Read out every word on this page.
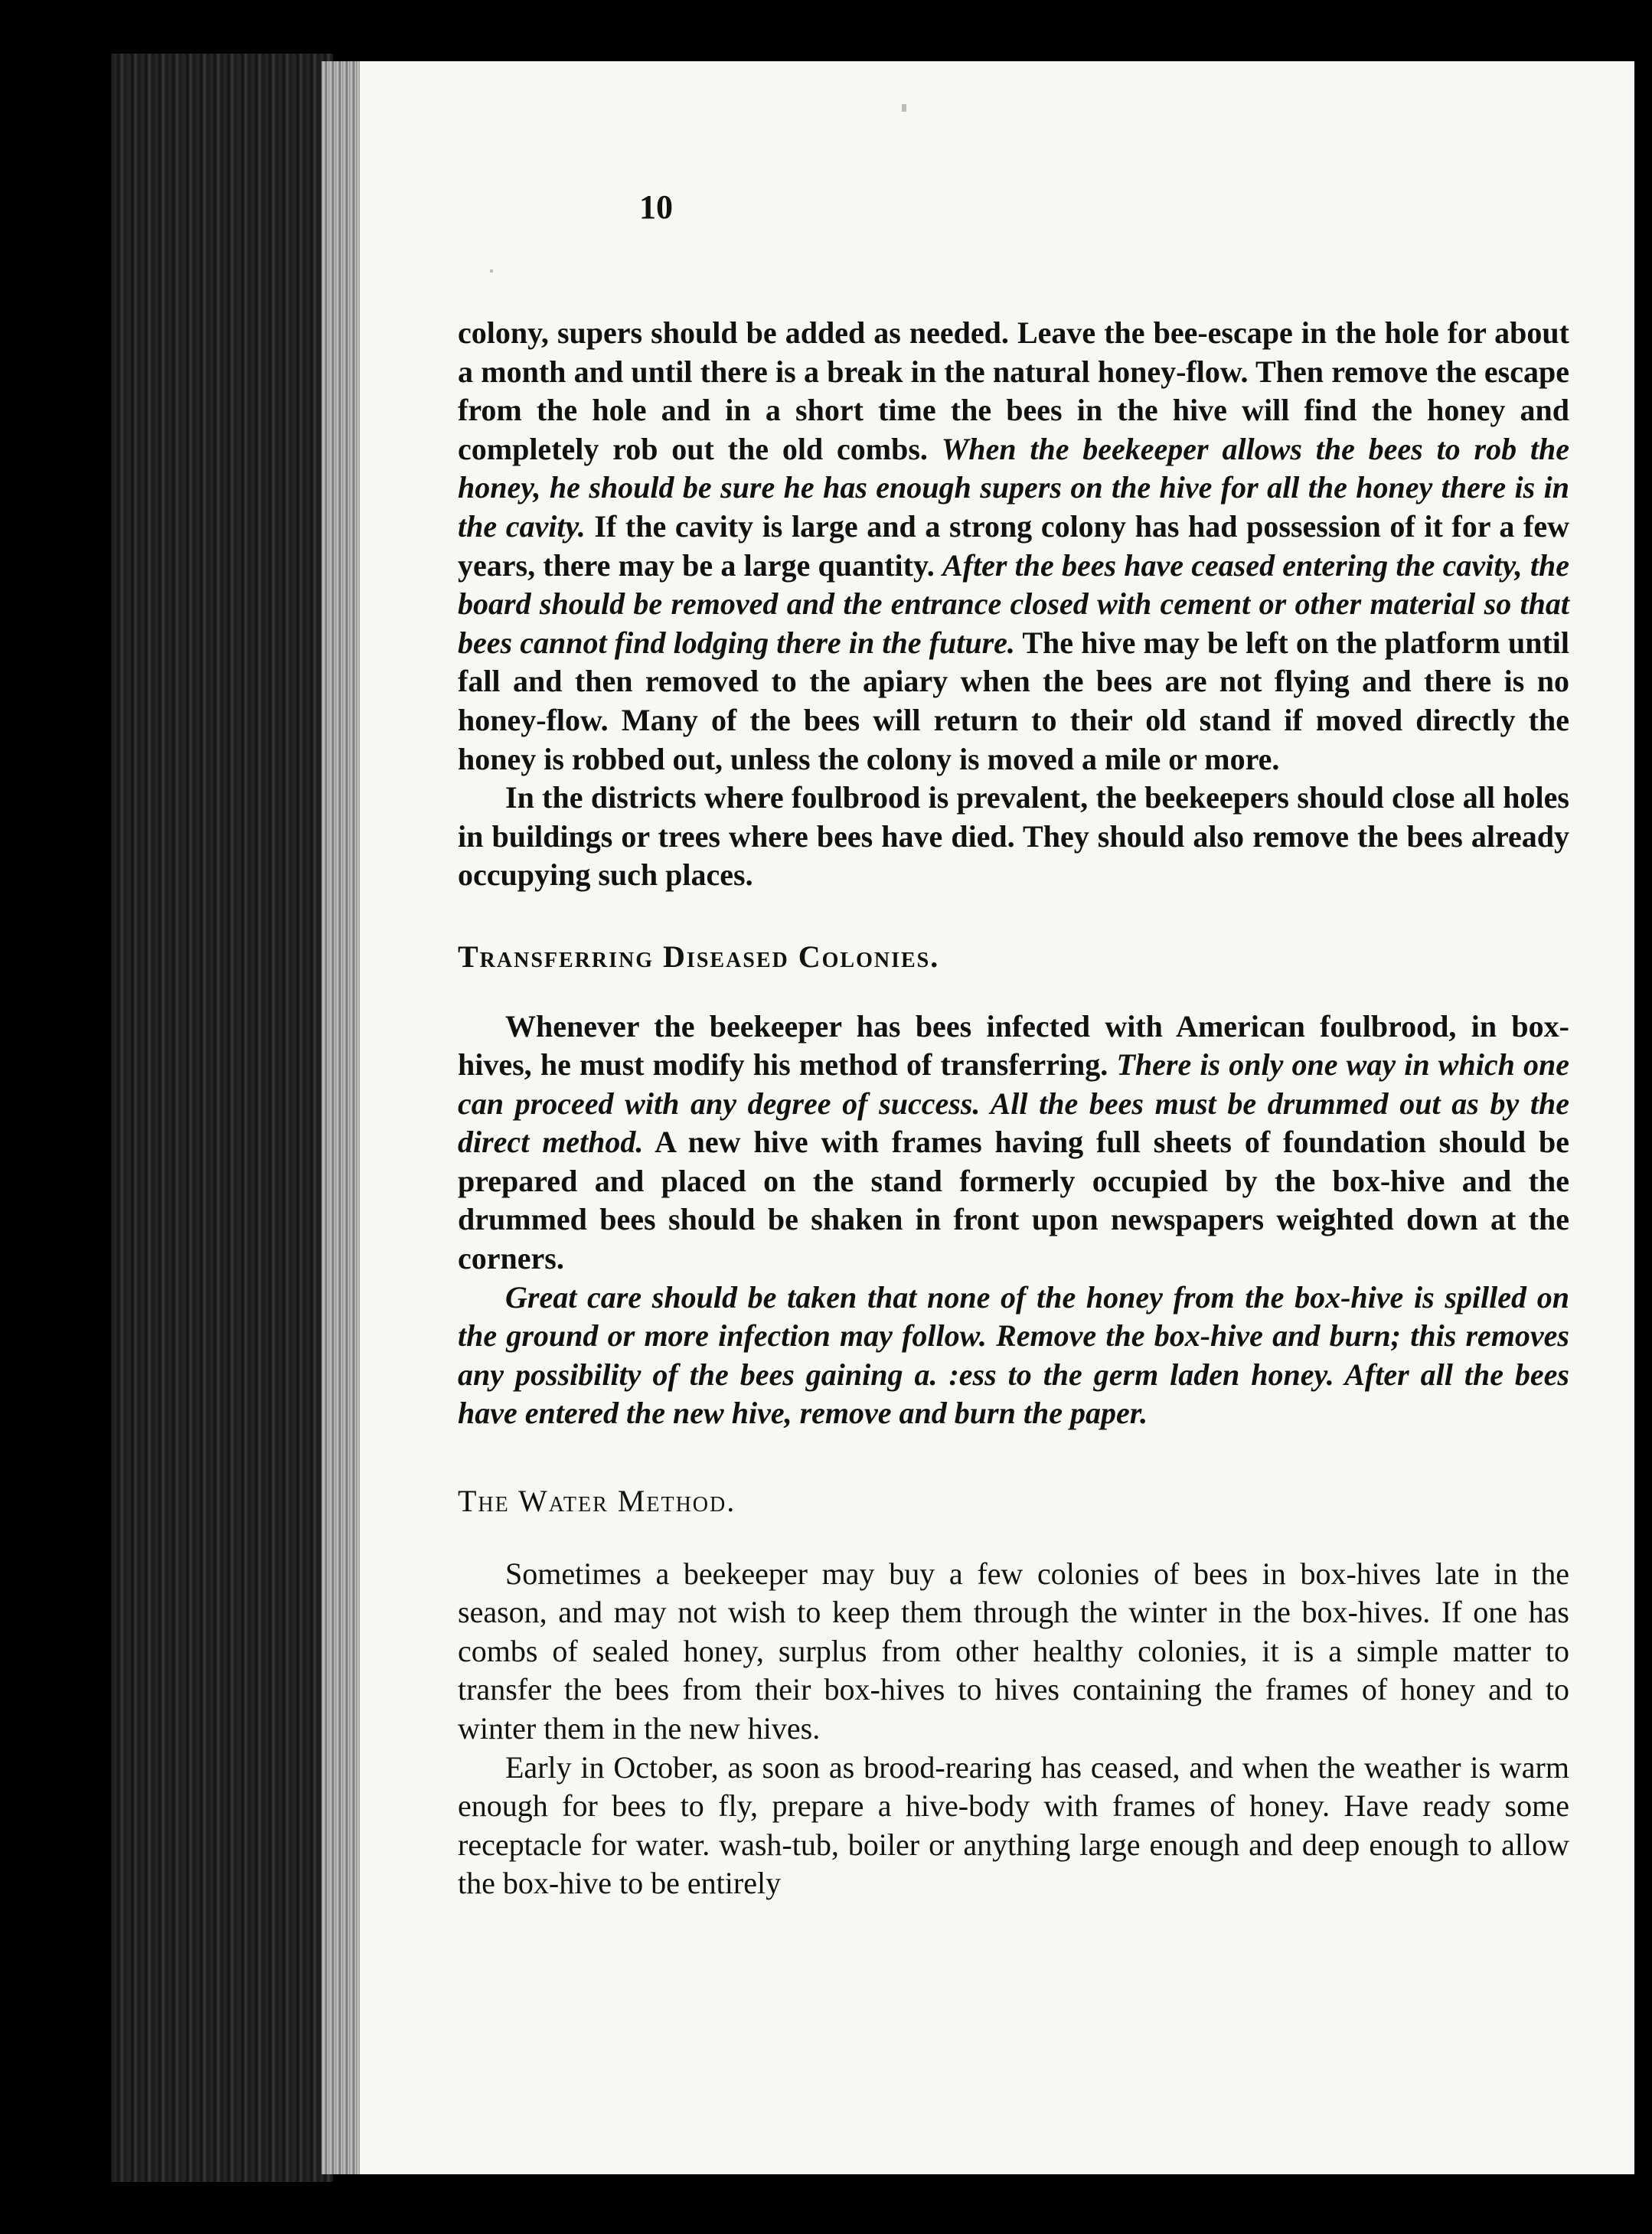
10

colony, supers should be added as needed. Leave the bee-escape in the hole for about a month and until there is a break in the natural honey-flow. Then remove the escape from the hole and in a short time the bees in the hive will find the honey and completely rob out the old combs. When the beekeeper allows the bees to rob the honey, he should be sure he has enough supers on the hive for all the honey there is in the cavity. If the cavity is large and a strong colony has had possession of it for a few years, there may be a large quantity. After the bees have ceased entering the cavity, the board should be removed and the entrance closed with cement or other material so that bees cannot find lodging there in the future. The hive may be left on the platform until fall and then removed to the apiary when the bees are not flying and there is no honey-flow. Many of the bees will return to their old stand if moved directly the honey is robbed out, unless the colony is moved a mile or more.

In the districts where foulbrood is prevalent, the beekeepers should close all holes in buildings or trees where bees have died. They should also remove the bees already occupying such places.

Transferring Diseased Colonies.

Whenever the beekeeper has bees infected with American foulbrood, in box-hives, he must modify his method of transferring. There is only one way in which one can proceed with any degree of success. All the bees must be drummed out as by the direct method. A new hive with frames having full sheets of foundation should be prepared and placed on the stand formerly occupied by the box-hive and the drummed bees should be shaken in front upon newspapers weighted down at the corners.

Great care should be taken that none of the honey from the box-hive is spilled on the ground or more infection may follow. Remove the box-hive and burn; this removes any possibility of the bees gaining a. :ess to the germ laden honey. After all the bees have entered the new hive, remove and burn the paper.

The Water Method.

Sometimes a beekeeper may buy a few colonies of bees in box-hives late in the season, and may not wish to keep them through the winter in the box-hives. If one has combs of sealed honey, surplus from other healthy colonies, it is a simple matter to transfer the bees from their box-hives to hives containing the frames of honey and to winter them in the new hives.

Early in October, as soon as brood-rearing has ceased, and when the weather is warm enough for bees to fly, prepare a hive-body with frames of honey. Have ready some receptacle for water. wash-tub, boiler or anything large enough and deep enough to allow the box-hive to be entirely
